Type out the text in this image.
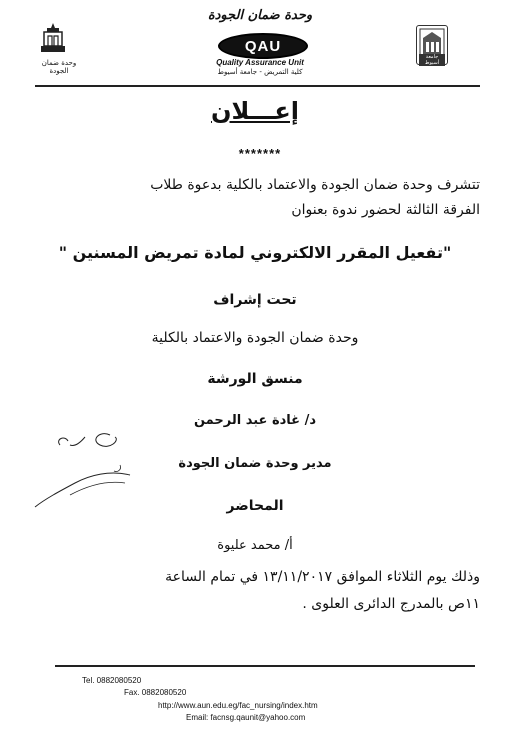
وحدة ضمان الجودة
وحدة ضمان الجودة
QAU
Quality Assurance Unit
كلية التمريض - جامعة أسيوط
جامعة أسيوط
إعـــلان
*******
تتشرف وحدة ضمان الجودة والاعتماد بالكلية بدعوة طلاب
الفرقة الثالثة لحضور ندوة بعنوان
"تفعيل المقرر الالكتروني لمادة تمريض المسنين "
تحت إشراف
وحدة ضمان الجودة والاعتماد بالكلية
منسق الورشة
د/ غادة عبد الرحمن
مدير وحدة ضمان الجودة
المحاضر
أ/ محمد عليوة
وذلك يوم الثلاثاء الموافق ١٣/١١/٢٠١٧ في تمام الساعة
١١ص بالمدرج الدائرى العلوى .
Tel. 0882080520
Fax. 0882080520
http://www.aun.edu.eg/fac_nursing/index.htm
Email: facnsg.qaunit@yahoo.com
